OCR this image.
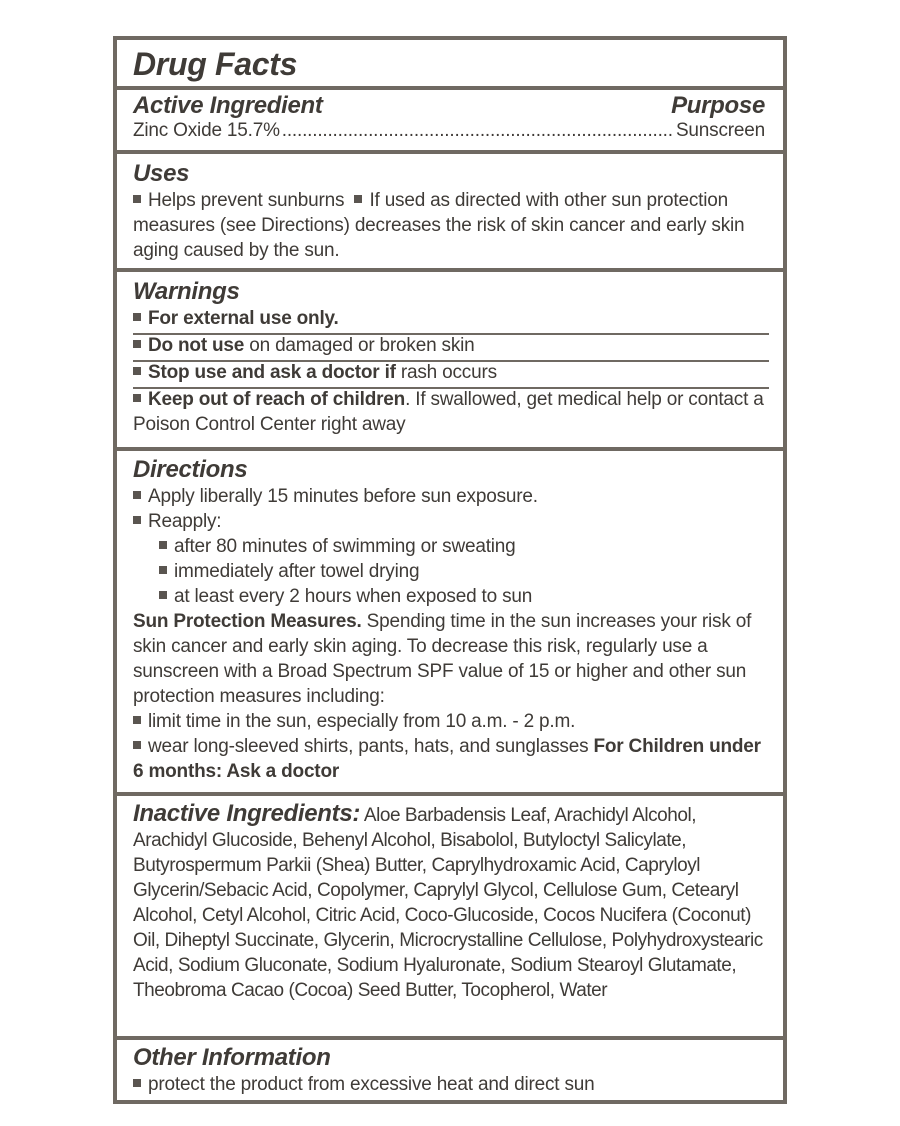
Drug Facts
Active Ingredient	Purpose
Zinc Oxide 15.7%
.....	Sunscreen
Uses
Helps prevent sunburns If used as directed with other sun protection measures (see Directions) decreases the risk of skin cancer and early skin aging caused by the sun.
Warnings
For external use only.
Do not use on damaged or broken skin
Stop use and ask a doctor if rash occurs
Keep out of reach of children. If swallowed, get medical help or contact a Poison Control Center right away
Directions
Apply liberally 15 minutes before sun exposure.
Reapply:
after 80 minutes of swimming or sweating
immediately after towel drying
at least every 2 hours when exposed to sun
Sun Protection Measures. Spending time in the sun increases your risk of skin cancer and early skin aging. To decrease this risk, regularly use a sunscreen with a Broad Spectrum SPF value of 15 or higher and other sun protection measures including:
limit time in the sun, especially from 10 a.m. - 2 p.m.
wear long-sleeved shirts, pants, hats, and sunglasses For Children under 6 months: Ask a doctor
Inactive Ingredients: Aloe Barbadensis Leaf, Arachidyl Alcohol, Arachidyl Glucoside, Behenyl Alcohol, Bisabolol, Butyloctyl Salicylate, Butyrospermum Parkii (Shea) Butter, Caprylhydroxamic Acid, Capryloyl Glycerin/Sebacic Acid, Copolymer, Caprylyl Glycol, Cellulose Gum, Cetearyl Alcohol, Cetyl Alcohol, Citric Acid, Coco-Glucoside, Cocos Nucifera (Coconut) Oil, Diheptyl Succinate, Glycerin, Microcrystalline Cellulose, Polyhydroxystearic Acid, Sodium Gluconate, Sodium Hyaluronate, Sodium Stearoyl Glutamate, Theobroma Cacao (Cocoa) Seed Butter, Tocopherol, Water
Other Information
protect the product from excessive heat and direct sun
